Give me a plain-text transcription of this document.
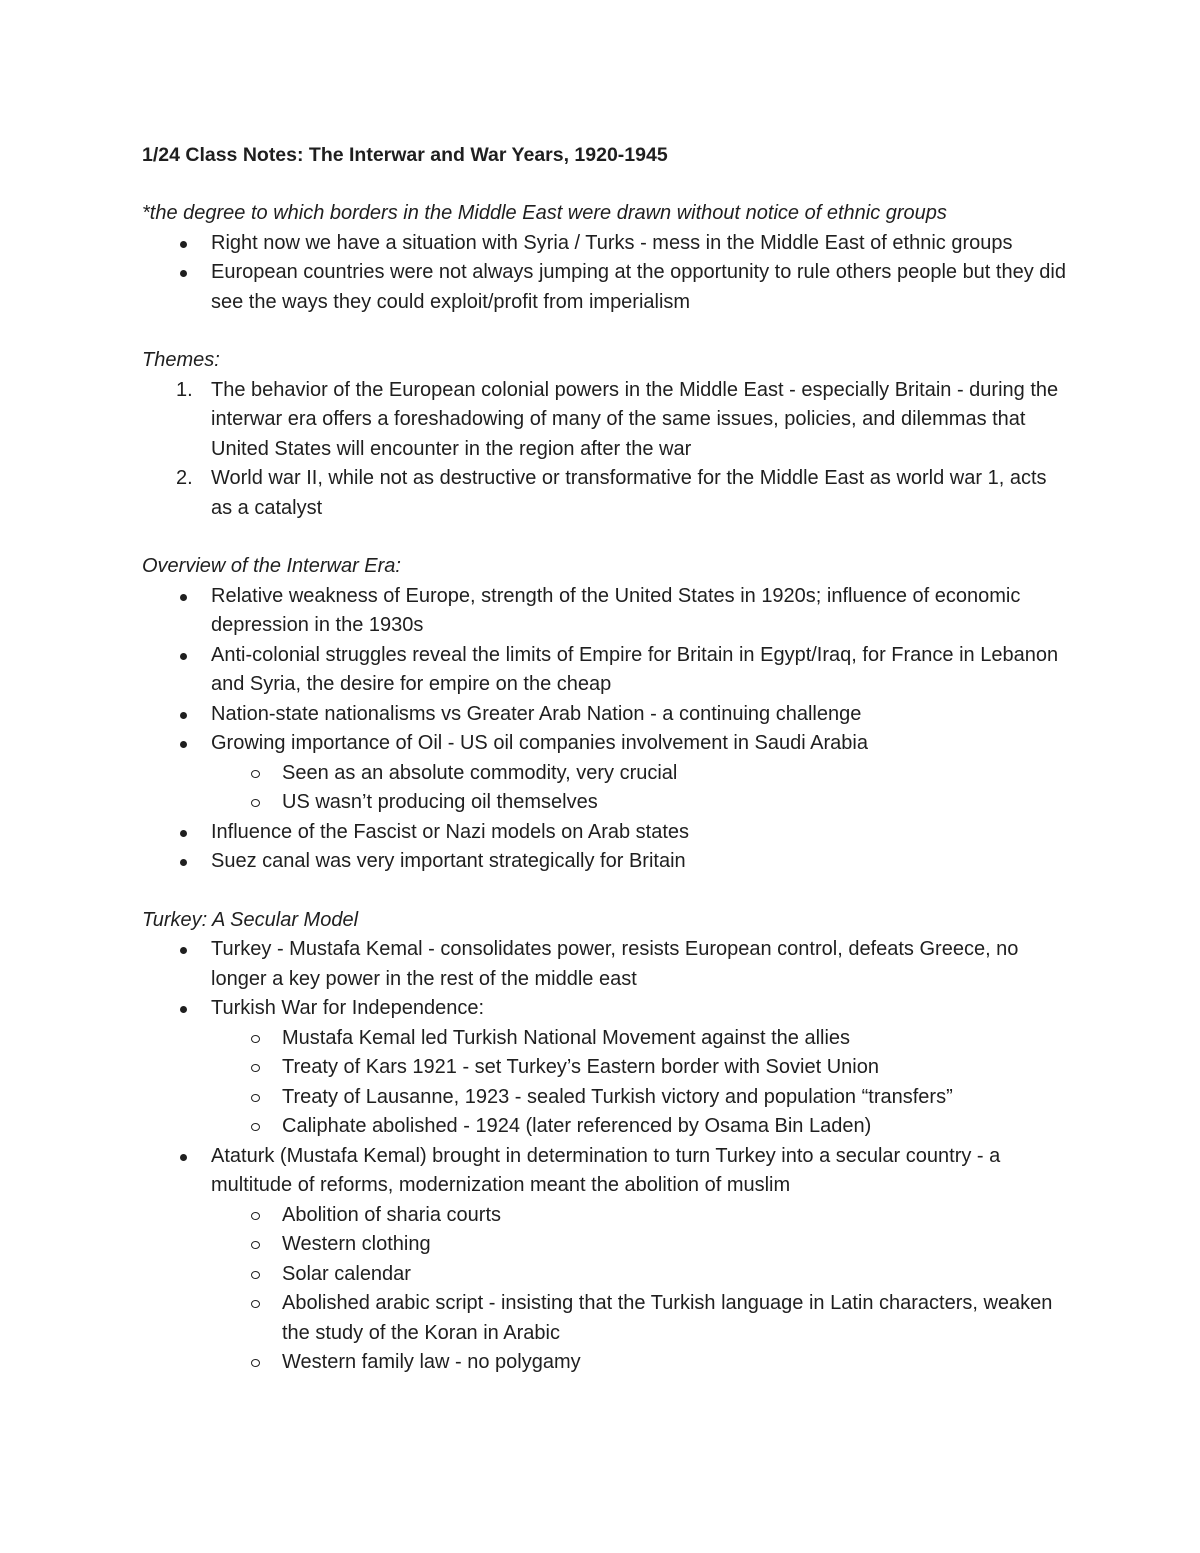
1/24 Class Notes: The Interwar and War Years, 1920-1945

*the degree to which borders in the Middle East were drawn without notice of ethnic groups

Right now we have a situation with Syria / Turks - mess in the Middle East of ethnic groups
European countries were not always jumping at the opportunity to rule others people but they did see the ways they could exploit/profit from imperialism

Themes:

1. The behavior of the European colonial powers in the Middle East - especially Britain - during the interwar era offers a foreshadowing of many of the same issues, policies, and dilemmas that United States will encounter in the region after the war
2. World war II, while not as destructive or transformative for the Middle East as world war 1, acts as a catalyst

Overview of the Interwar Era:

Relative weakness of Europe, strength of the United States in 1920s; influence of economic depression in the 1930s
Anti-colonial struggles reveal the limits of Empire for Britain in Egypt/Iraq, for France in Lebanon and Syria, the desire for empire on the cheap
Nation-state nationalisms vs Greater Arab Nation - a continuing challenge
Growing importance of Oil - US oil companies involvement in Saudi Arabia
Seen as an absolute commodity, very crucial
US wasn’t producing oil themselves
Influence of the Fascist or Nazi models on Arab states
Suez canal was very important strategically for Britain

Turkey: A Secular Model

Turkey - Mustafa Kemal - consolidates power, resists European control, defeats Greece, no longer a key power in the rest of the middle east
Turkish War for Independence:
Mustafa Kemal led Turkish National Movement against the allies
Treaty of Kars 1921 - set Turkey’s Eastern border with Soviet Union
Treaty of Lausanne, 1923 - sealed Turkish victory and population “transfers”
Caliphate abolished - 1924 (later referenced by Osama Bin Laden)
Ataturk (Mustafa Kemal) brought in determination to turn Turkey into a secular country - a multitude of reforms, modernization meant the abolition of muslim
Abolition of sharia courts
Western clothing
Solar calendar
Abolished arabic script - insisting that the Turkish language in Latin characters, weaken the study of the Koran in Arabic
Western family law - no polygamy
